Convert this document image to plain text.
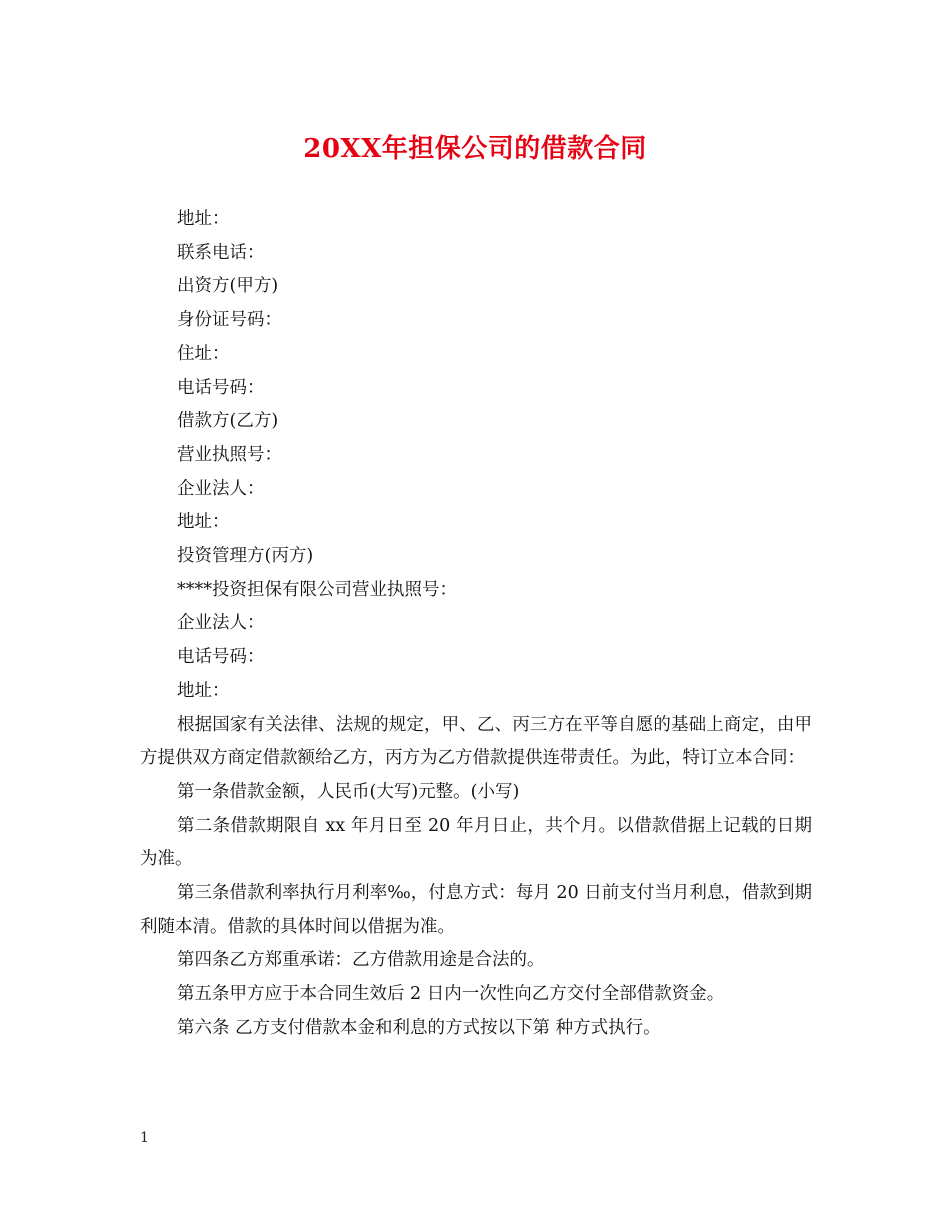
20XX年担保公司的借款合同

地址：

联系电话：

出资方(甲方)

身份证号码：

住址：

电话号码：

借款方(乙方)

营业执照号：

企业法人：

地址：

投资管理方(丙方)

****投资担保有限公司营业执照号：

企业法人：

电话号码：

地址：

根据国家有关法律、法规的规定，甲、乙、丙三方在平等自愿的基础上商定，由甲方提供双方商定借款额给乙方，丙方为乙方借款提供连带责任。为此，特订立本合同：

第一条借款金额，人民币(大写)元整。(小写)

第二条借款期限自 xx 年月日至 20 年月日止，共个月。以借款借据上记载的日期为准。

第三条借款利率执行月利率‰，付息方式：每月 20 日前支付当月利息，借款到期利随本清。借款的具体时间以借据为准。

第四条乙方郑重承诺：乙方借款用途是合法的。

第五条甲方应于本合同生效后 2 日内一次性向乙方交付全部借款资金。

第六条 乙方支付借款本金和利息的方式按以下第 种方式执行。

1
